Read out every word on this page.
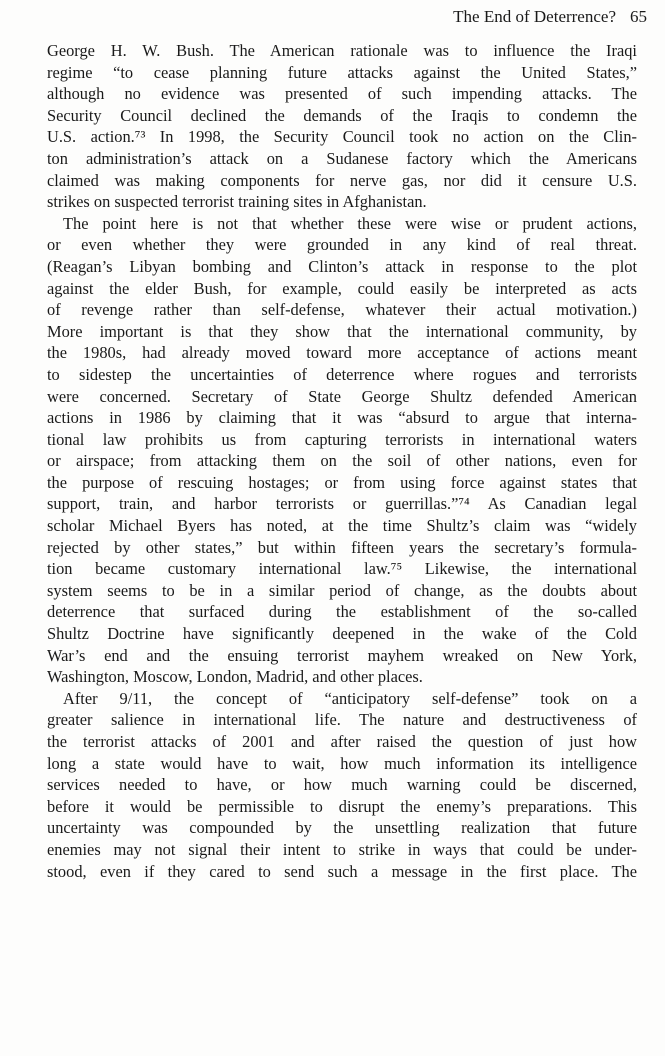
The End of Deterrence? 65
George H. W. Bush. The American rationale was to influence the Iraqi
regime “to cease planning future attacks against the United States,”
although no evidence was presented of such impending attacks. The
Security Council declined the demands of the Iraqis to condemn the
U.S. action.⁷³ In 1998, the Security Council took no action on the Clin-
ton administration’s attack on a Sudanese factory which the Americans
claimed was making components for nerve gas, nor did it censure U.S.
strikes on suspected terrorist training sites in Afghanistan.
The point here is not that whether these were wise or prudent actions,
or even whether they were grounded in any kind of real threat.
(Reagan’s Libyan bombing and Clinton’s attack in response to the plot
against the elder Bush, for example, could easily be interpreted as acts
of revenge rather than self-defense, whatever their actual motivation.)
More important is that they show that the international community, by
the 1980s, had already moved toward more acceptance of actions meant
to sidestep the uncertainties of deterrence where rogues and terrorists
were concerned. Secretary of State George Shultz defended American
actions in 1986 by claiming that it was “absurd to argue that interna-
tional law prohibits us from capturing terrorists in international waters
or airspace; from attacking them on the soil of other nations, even for
the purpose of rescuing hostages; or from using force against states that
support, train, and harbor terrorists or guerrillas.”⁷⁴ As Canadian legal
scholar Michael Byers has noted, at the time Shultz’s claim was “widely
rejected by other states,” but within fifteen years the secretary’s formula-
tion became customary international law.⁷⁵ Likewise, the international
system seems to be in a similar period of change, as the doubts about
deterrence that surfaced during the establishment of the so-called
Shultz Doctrine have significantly deepened in the wake of the Cold
War’s end and the ensuing terrorist mayhem wreaked on New York,
Washington, Moscow, London, Madrid, and other places.
After 9/11, the concept of “anticipatory self-defense” took on a
greater salience in international life. The nature and destructiveness of
the terrorist attacks of 2001 and after raised the question of just how
long a state would have to wait, how much information its intelligence
services needed to have, or how much warning could be discerned,
before it would be permissible to disrupt the enemy’s preparations. This
uncertainty was compounded by the unsettling realization that future
enemies may not signal their intent to strike in ways that could be under-
stood, even if they cared to send such a message in the first place. The
